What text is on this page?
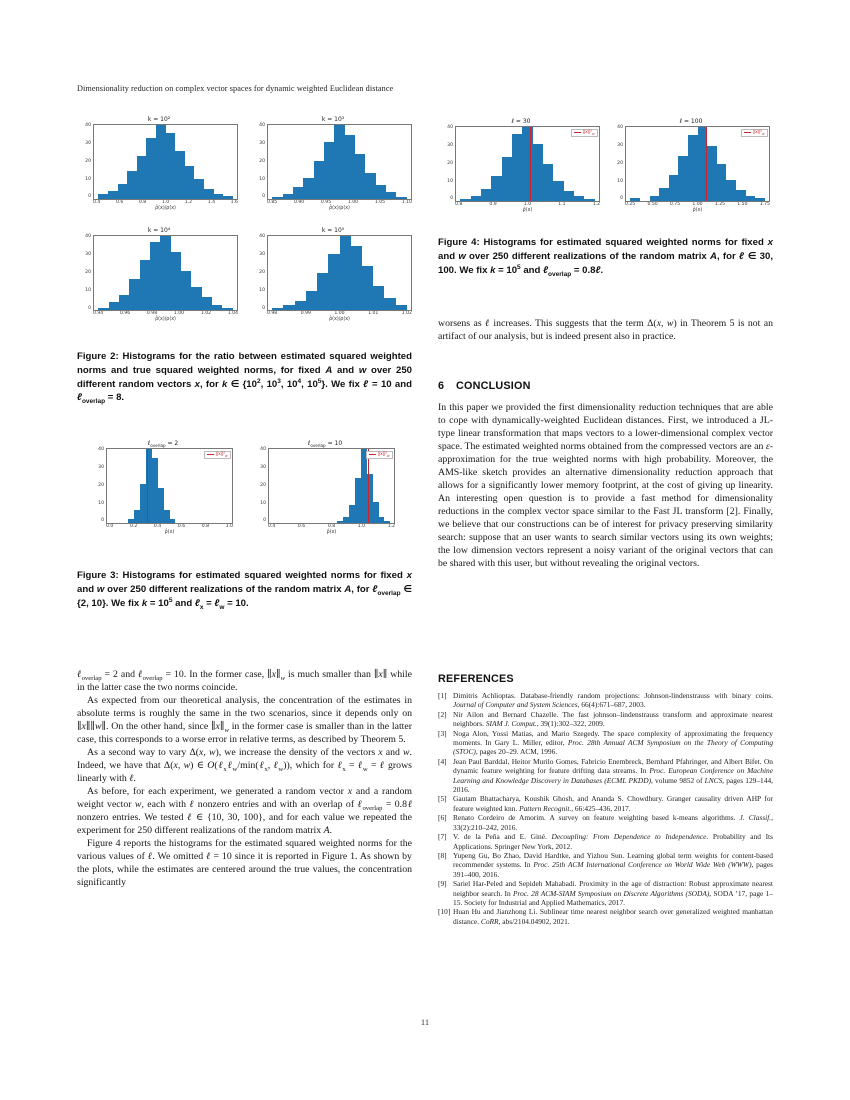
Dimensionality reduction on complex vector spaces for dynamic weighted Euclidean distance
k = 10²
40
30
20
10
0
0.4	0.6	0.8	1.0	1.2	1.4	1.6
ρ̂(x)/ρ(x)
k = 10³
40
30
20
10
0
0.85	0.90	0.95	1.00	1.05	1.10
ρ̂(x)/ρ(x)
k = 10⁴
40
30
20
10
0
0.94	0.96	0.98	1.00	1.02	1.04
ρ̂(x)/ρ(x)
k = 10⁵
40
30
20
10
0
0.98	0.99	1.00	1.01	1.02
ρ̂(x)/ρ(x)
Figure 2: Histograms for the ratio between estimated squared weighted norms and true squared weighted norms, for fixed A and w over 250 different random vectors x, for k ∈ {$10^2$, $10^3$, $10^4$, $10^5$}. We fix ℓ = 10 and ℓ$_{overlap}$ = 8.
ℓ$_{overlap}$ = 2
40
30
20
10
0
$\parallel x\parallel^2_w$
0.0	0.2	0.4	0.6	0.8	1.0
ρ̂(x)
ℓ$_{overlap}$ = 10
40
30
20
10
0
$\parallel x\parallel^2_w$
0.4	0.6	0.8	1.0	1.2
ρ̂(x)
Figure 3: Histograms for estimated squared weighted norms for fixed x and w over 250 different realizations of the random matrix A, for ℓ$_{overlap}$ ∈ {2, 10}. We fix $k = 10^5$ and ℓ$_x$ = ℓ$_w$ = 10.
ℓ$_{overlap}$ = 2 and ℓ$_{overlap}$ = 10. In the former case, $\parallel x\parallel_w$ is much smaller than ∥x∥ while in the latter case the two norms coincide.
As expected from our theoretical analysis, the concentration of the estimates in absolute terms is roughly the same in the two scenarios, since it depends only on ∥x∥∥w∥. On the other hand, since $\parallel x\parallel_w$ in the former case is smaller than in the latter case, this corresponds to a worse error in relative terms, as described by Theorem 5.
As a second way to vary Δ(x, w), we increase the density of the vectors x and w. Indeed, we have that Δ(x, w) ∈ O(ℓ$_x$ℓ$_w$/min(ℓ$_x$, ℓ$_w$)), which for ℓ$_x$ = ℓ$_w$ = ℓ grows linearly with ℓ.
As before, for each experiment, we generated a random vector x and a random weight vector w, each with ℓ nonzero entries and with an overlap of ℓ$_{overlap}$ = 0.8ℓ nonzero entries. We tested ℓ ∈ {10, 30, 100}, and for each value we repeated the experiment for 250 different realizations of the random matrix A.
Figure 4 reports the histograms for the estimated squared weighted norms for the various values of ℓ. We omitted ℓ = 10 since it is reported in Figure 1. As shown by the plots, while the estimates are centered around the true values, the concentration significantly
ℓ = 30
40
30
20
10
0
$\parallel x\parallel^2_w$
0.8	0.9	1.0	1.1	1.2
ρ̂(x)
ℓ = 100
40
30
20
10
0
$\parallel x\parallel^2_w$
0.25	0.50	0.75	1.00	1.25	1.50	1.75
ρ̂(x)
Figure 4: Histograms for estimated squared weighted norms for fixed x and w over 250 different realizations of the random matrix A, for ℓ ∈ 30, 100. We fix $k = 10^5$ and ℓ$_{overlap}$ = 0.8ℓ.
worsens as ℓ increases. This suggests that the term Δ(x, w) in Theorem 5 is not an artifact of our analysis, but is indeed present also in practice.
6 CONCLUSION
In this paper we provided the first dimensionality reduction techniques that are able to cope with dynamically-weighted Euclidean distances. First, we introduced a JL-type linear transformation that maps vectors to a lower-dimensional complex vector space. The estimated weighted norms obtained from the compressed vectors are an ε-approximation for the true weighted norms with high probability. Moreover, the AMS-like sketch provides an alternative dimensionality reduction approach that allows for a significantly lower memory footprint, at the cost of giving up linearity. An interesting open question is to provide a fast method for dimensionality reductions in the complex vector space similar to the Fast JL transform [2]. Finally, we believe that our constructions can be of interest for privacy preserving similarity search: suppose that an user wants to search similar vectors using its own weights; the low dimension vectors represent a noisy variant of the original vectors that can be shared with this user, but without revealing the original vectors.
REFERENCES
[1] Dimitris Achlioptas. Database-friendly random projections: Johnson-lindenstrauss with binary coins. Journal of Computer and System Sciences, 66(4):671–687, 2003.
[2] Nir Ailon and Bernard Chazelle. The fast johnson–lindenstrauss transform and approximate nearest neighbors. SIAM J. Comput., 39(1):302–322, 2009.
[3] Noga Alon, Yossi Matias, and Mario Szegedy. The space complexity of approximating the frequency moments. In Gary L. Miller, editor, Proc. 28th Annual ACM Symposium on the Theory of Computing (STOC), pages 20–29. ACM, 1996.
[4] Jean Paul Barddal, Heitor Murilo Gomes, Fabricio Enembreck, Bernhard Pfahringer, and Albert Bifet. On dynamic feature weighting for feature drifting data streams. In Proc. European Conference on Machine Learning and Knowledge Discovery in Databases (ECML PKDD), volume 9852 of LNCS, pages 129–144, 2016.
[5] Gautam Bhattacharya, Koushik Ghosh, and Ananda S. Chowdhury. Granger causality driven AHP for feature weighted knn. Pattern Recognit., 66:425–436, 2017.
[6] Renato Cordeiro de Amorim. A survey on feature weighting based k-means algorithms. J. Classif., 33(2):210–242, 2016.
[7] V. de la Peña and E. Giné. Decoupling: From Dependence to Independence. Probability and Its Applications. Springer New York, 2012.
[8] Yupeng Gu, Bo Zhao, David Hardtke, and Yizhou Sun. Learning global term weights for content-based recommender systems. In Proc. 25th ACM International Conference on World Wide Web (WWW), pages 391–400, 2016.
[9] Sariel Har-Peled and Sepideh Mahabadi. Proximity in the age of distraction: Robust approximate nearest neighbor search. In Proc. 28 ACM-SIAM Symposium on Discrete Algorithms (SODA), SODA ’17, page 1–15. Society for Industrial and Applied Mathematics, 2017.
[10] Huan Hu and Jianzhong Li. Sublinear time nearest neighbor search over generalized weighted manhattan distance. CoRR, abs/2104.04902, 2021.
11
